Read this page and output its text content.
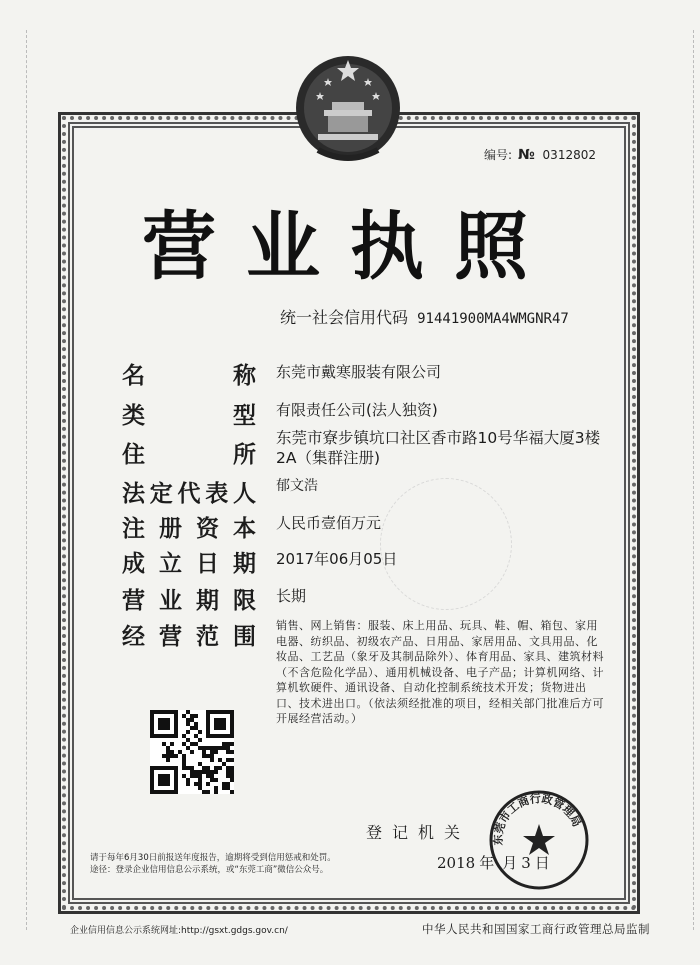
编号: № 0312802
营业执照
统一社会信用代码 91441900MA4WMGNR47
名	称 东莞市戴寒服装有限公司
类	型 有限责任公司(法人独资)
住	所
东莞市寮步镇坑口社区香市路10号华福大厦3楼2A（集群注册)
法 定 代 表 人 郁文浩
注 册 资 本 人民币壹佰万元
成 立 日 期 2017年06月05日
营 业 期 限 长期
经 营 范 围 销售、网上销售：服装、床上用品、玩具、鞋、帽、箱包、家用电器、纺织品、初级农产品、日用品、家居用品、文具用品、化妆品、工艺品（象牙及其制品除外）、体育用品、家具、建筑材料（不含危险化学品）、通用机械设备、电子产品；计算机网络、计算机软硬件、通讯设备、自动化控制系统技术开发；货物进出口、技术进出口。（依法须经批准的项目，经相关部门批准后方可开展经营活动。）
登记机关
2018 年 月 3 日
请于每年6月30日前报送年度报告，逾期将受到信用惩戒和处罚。
途径：登录企业信用信息公示系统，或“东莞工商”微信公众号。
东莞市工商行政管理局
企业信用信息公示系统网址:http://gsxt.gdgs.gov.cn/	中华人民共和国国家工商行政管理总局监制
